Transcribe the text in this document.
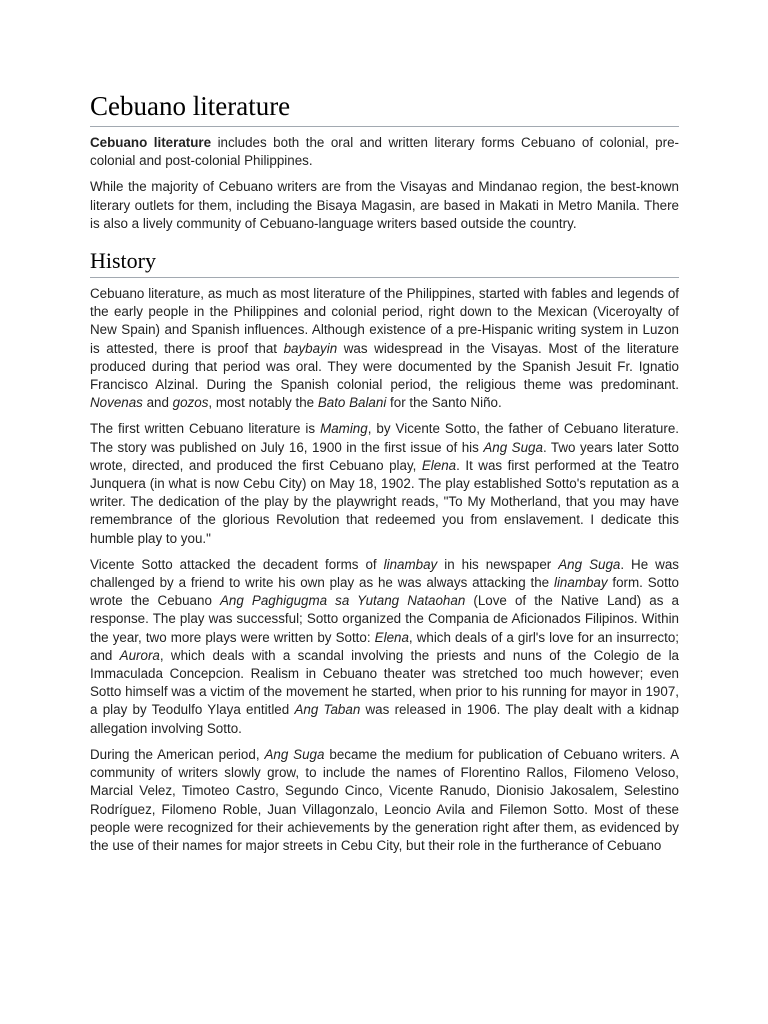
Cebuano literature

Cebuano literature includes both the oral and written literary forms Cebuano of colonial, pre-colonial and post-colonial Philippines.

While the majority of Cebuano writers are from the Visayas and Mindanao region, the best-known literary outlets for them, including the Bisaya Magasin, are based in Makati in Metro Manila. There is also a lively community of Cebuano-language writers based outside the country.

History

Cebuano literature, as much as most literature of the Philippines, started with fables and legends of the early people in the Philippines and colonial period, right down to the Mexican (Viceroyalty of New Spain) and Spanish influences. Although existence of a pre-Hispanic writing system in Luzon is attested, there is proof that baybayin was widespread in the Visayas. Most of the literature produced during that period was oral. They were documented by the Spanish Jesuit Fr. Ignatio Francisco Alzinal. During the Spanish colonial period, the religious theme was predominant. Novenas and gozos, most notably the Bato Balani for the Santo Niño.

The first written Cebuano literature is Maming, by Vicente Sotto, the father of Cebuano literature. The story was published on July 16, 1900 in the first issue of his Ang Suga. Two years later Sotto wrote, directed, and produced the first Cebuano play, Elena. It was first performed at the Teatro Junquera (in what is now Cebu City) on May 18, 1902. The play established Sotto's reputation as a writer. The dedication of the play by the playwright reads, "To My Motherland, that you may have remembrance of the glorious Revolution that redeemed you from enslavement. I dedicate this humble play to you."

Vicente Sotto attacked the decadent forms of linambay in his newspaper Ang Suga. He was challenged by a friend to write his own play as he was always attacking the linambay form. Sotto wrote the Cebuano Ang Paghigugma sa Yutang Nataohan (Love of the Native Land) as a response. The play was successful; Sotto organized the Compania de Aficionados Filipinos. Within the year, two more plays were written by Sotto: Elena, which deals of a girl's love for an insurrecto; and Aurora, which deals with a scandal involving the priests and nuns of the Colegio de la Immaculada Concepcion. Realism in Cebuano theater was stretched too much however; even Sotto himself was a victim of the movement he started, when prior to his running for mayor in 1907, a play by Teodulfo Ylaya entitled Ang Taban was released in 1906. The play dealt with a kidnap allegation involving Sotto.

During the American period, Ang Suga became the medium for publication of Cebuano writers. A community of writers slowly grow, to include the names of Florentino Rallos, Filomeno Veloso, Marcial Velez, Timoteo Castro, Segundo Cinco, Vicente Ranudo, Dionisio Jakosalem, Selestino Rodríguez, Filomeno Roble, Juan Villagonzalo, Leoncio Avila and Filemon Sotto. Most of these people were recognized for their achievements by the generation right after them, as evidenced by the use of their names for major streets in Cebu City, but their role in the furtherance of Cebuano
